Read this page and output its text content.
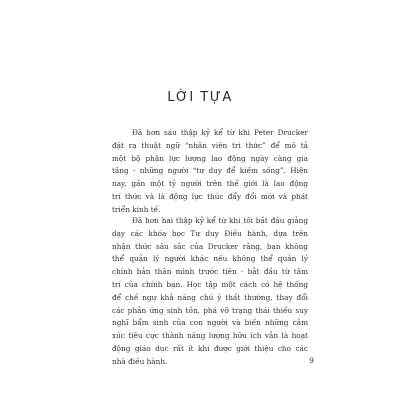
LỜI TỰA
Đã hơn sáu thập kỷ kể từ khi Peter Drucker
đặt ra thuật ngữ “nhân viên tri thức” để mô tả
một bộ phận lực lượng lao động ngày càng gia
tăng - những người “tư duy để kiếm sống”. Hiện
nay, gần một tỷ người trên thế giới là lao động
trí thức và là động lực thúc đẩy đổi mới và phát
triển kinh tế.
Đã hơn hai thập kỷ kể từ khi tôi bắt đầu giảng
dạy các khóa học Tư duy Điều hành, dựa trên
nhận thức sâu sắc của Drucker rằng, bạn không
thể quản lý người khác nếu không thể quản lý
chính bản thân mình trước tiên - bắt đầu từ tâm
trí của chính bạn. Học tập một cách có hệ thống
để chế ngự khả năng chú ý thất thường, thay đổi
các phản ứng sinh tồn, phá vỡ trạng thái thiếu suy
nghĩ bẩm sinh của con người và biến những cảm
xúc tiêu cực thành năng lượng hữu ích vẫn là hoạt
động giáo dục rất ít khi được giới thiệu cho các
nhà điều hành.	9
